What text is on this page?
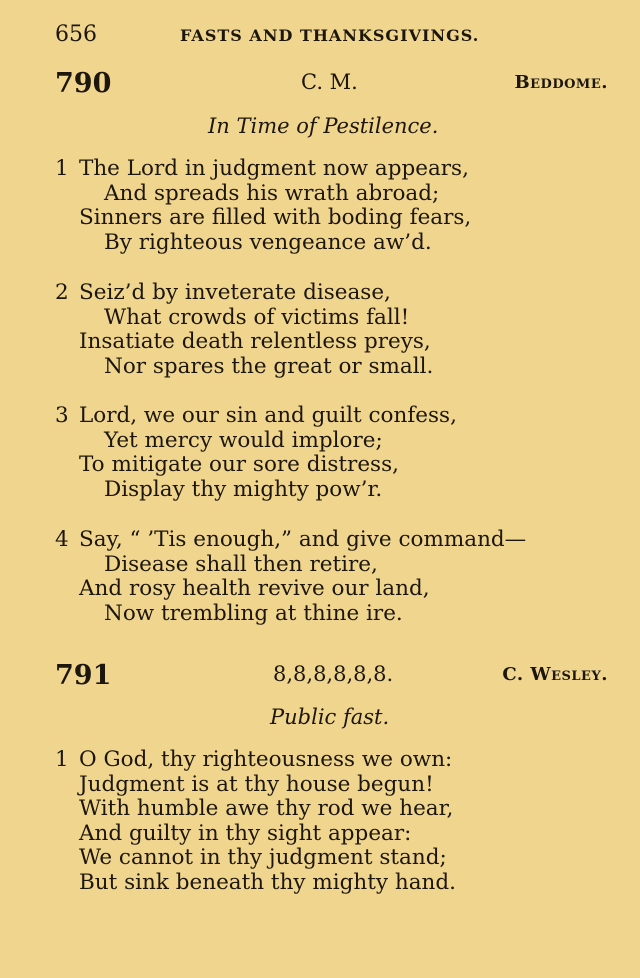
656	FASTS AND THANKSGIVINGS.
790	C. M.	Beddome.
In Time of Pestilence.
1 The Lord in judgment now appears,
And spreads his wrath abroad;
Sinners are filled with boding fears,
By righteous vengeance aw’d.
2 Seiz’d by inveterate disease,
What crowds of victims fall!
Insatiate death relentless preys,
Nor spares the great or small.
3 Lord, we our sin and guilt confess,
Yet mercy would implore;
To mitigate our sore distress,
Display thy mighty pow’r.
4 Say, “ ’Tis enough,” and give command—
Disease shall then retire,
And rosy health revive our land,
Now trembling at thine ire.
791	8,8,8,8,8,8.	C. Wesley.
Public fast.
1 O God, thy righteousness we own:
Judgment is at thy house begun!
With humble awe thy rod we hear,
And guilty in thy sight appear:
We cannot in thy judgment stand;
But sink beneath thy mighty hand.
